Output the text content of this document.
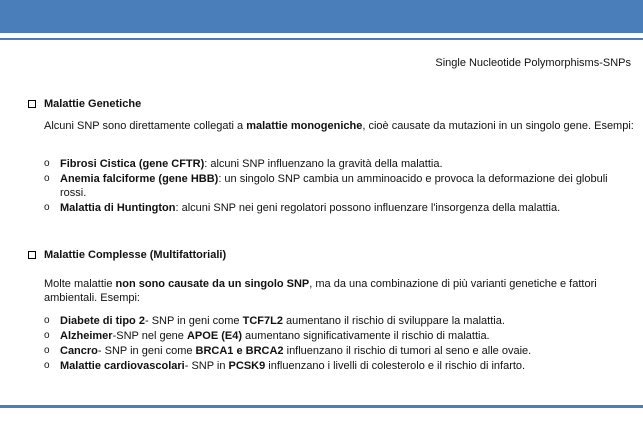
Single Nucleotide Polymorphisms-SNPs
Malattie Genetiche
Alcuni SNP sono direttamente collegati a malattie monogeniche, cioè causate da mutazioni in un singolo gene. Esempi:
o Fibrosi Cistica (gene CFTR): alcuni SNP influenzano la gravità della malattia.
o Anemia falciforme (gene HBB): un singolo SNP cambia un amminoacido e provoca la deformazione dei globuli rossi.
o Malattia di Huntington: alcuni SNP nei geni regolatori possono influenzare l'insorgenza della malattia.
Malattie Complesse (Multifattoriali)
Molte malattie non sono causate da un singolo SNP, ma da una combinazione di più varianti genetiche e fattori ambientali. Esempi:
o Diabete di tipo 2- SNP in geni come TCF7L2 aumentano il rischio di sviluppare la malattia.
o Alzheimer-SNP nel gene APOE (E4) aumentano significativamente il rischio di malattia.
o Cancro- SNP in geni come BRCA1 e BRCA2 influenzano il rischio di tumori al seno e alle ovaie.
o Malattie cardiovascolari- SNP in PCSK9 influenzano i livelli di colesterolo e il rischio di infarto.
